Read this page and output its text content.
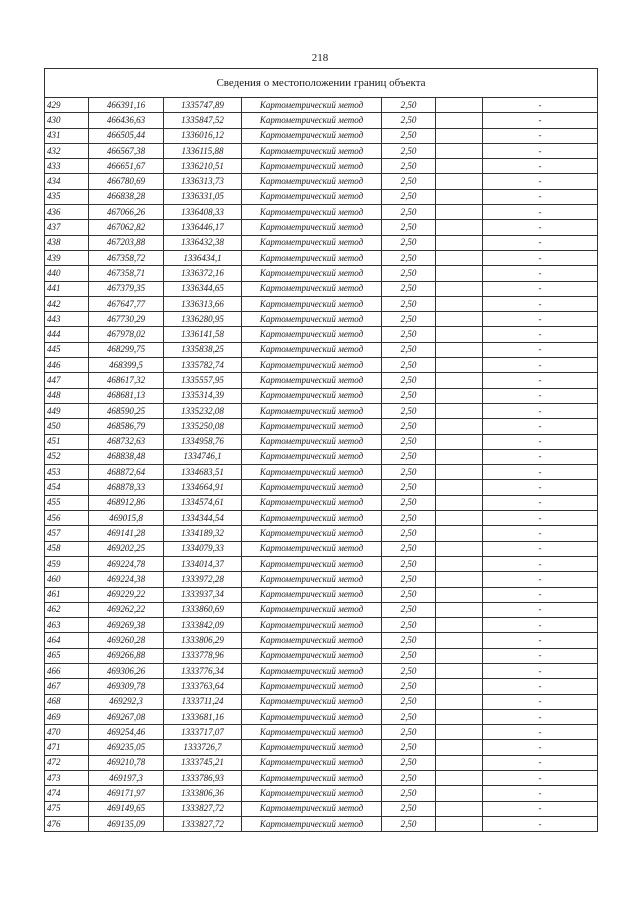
218
Сведения о местоположении границ объекта						
429	466391,16	1335747,89	Картометрический метод	2,50		-
430	466436,63	1335847,52	Картометрический метод	2,50		-
431	466505,44	1336016,12	Картометрический метод	2,50		-
432	466567,38	1336115,88	Картометрический метод	2,50		-
433	466651,67	1336210,51	Картометрический метод	2,50		-
434	466780,69	1336313,73	Картометрический метод	2,50		-
435	466838,28	1336331,05	Картометрический метод	2,50		-
436	467066,26	1336408,33	Картометрический метод	2,50		-
437	467062,82	1336446,17	Картометрический метод	2,50		-
438	467203,88	1336432,38	Картометрический метод	2,50		-
439	467358,72	1336434,1	Картометрический метод	2,50		-
440	467358,71	1336372,16	Картометрический метод	2,50		-
441	467379,35	1336344,65	Картометрический метод	2,50		-
442	467647,77	1336313,66	Картометрический метод	2,50		-
443	467730,29	1336280,95	Картометрический метод	2,50		-
444	467978,02	1336141,58	Картометрический метод	2,50		-
445	468299,75	1335838,25	Картометрический метод	2,50		-
446	468399,5	1335782,74	Картометрический метод	2,50		-
447	468617,32	1335557,95	Картометрический метод	2,50		-
448	468681,13	1335314,39	Картометрический метод	2,50		-
449	468590,25	1335232,08	Картометрический метод	2,50		-
450	468586,79	1335250,08	Картометрический метод	2,50		-
451	468732,63	1334958,76	Картометрический метод	2,50		-
452	468838,48	1334746,1	Картометрический метод	2,50		-
453	468872,64	1334683,51	Картометрический метод	2,50		-
454	468878,33	1334664,91	Картометрический метод	2,50		-
455	468912,86	1334574,61	Картометрический метод	2,50		-
456	469015,8	1334344,54	Картометрический метод	2,50		-
457	469141,28	1334189,32	Картометрический метод	2,50		-
458	469202,25	1334079,33	Картометрический метод	2,50		-
459	469224,78	1334014,37	Картометрический метод	2,50		-
460	469224,38	1333972,28	Картометрический метод	2,50		-
461	469229,22	1333937,34	Картометрический метод	2,50		-
462	469262,22	1333860,69	Картометрический метод	2,50		-
463	469269,38	1333842,09	Картометрический метод	2,50		-
464	469260,28	1333806,29	Картометрический метод	2,50		-
465	469266,88	1333778,96	Картометрический метод	2,50		-
466	469306,26	1333776,34	Картометрический метод	2,50		-
467	469309,78	1333763,64	Картометрический метод	2,50		-
468	469292,3	1333711,24	Картометрический метод	2,50		-
469	469267,08	1333681,16	Картометрический метод	2,50		-
470	469254,46	1333717,07	Картометрический метод	2,50		-
471	469235,05	1333726,7	Картометрический метод	2,50		-
472	469210,78	1333745,21	Картометрический метод	2,50		-
473	469197,3	1333786,93	Картометрический метод	2,50		-
474	469171,97	1333806,36	Картометрический метод	2,50		-
475	469149,65	1333827,72	Картометрический метод	2,50		-
476	469135,09	1333827,72	Картометрический метод	2,50		-
